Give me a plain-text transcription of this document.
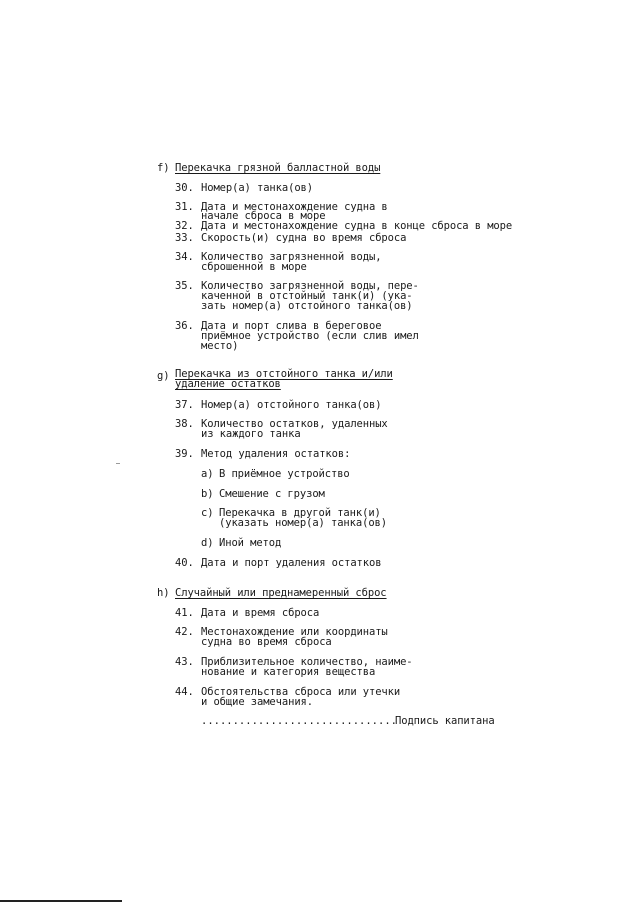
f) Перекачка грязной балластной воды
30. Номер(а) танка(ов)
31. Дата и местонахождение судна в
начале сброса в море
32. Дата и местонахождение судна в конце сброса в море
33. Скорость(и) судна во время сброса
34. Количество загрязненной воды,
сброшенной в море
35. Количество загрязненной воды, пере-
каченной в отстойный танк(и) (ука-
зать номер(а) отстойного танка(ов)
36. Дата и порт слива в береговое
приёмное устройство (если слив имел
место)
g) Перекачка из отстойного танка и/или
удаление остатков
37. Номер(а) отстойного танка(ов)
38. Количество остатков, удаленных
из каждого танка
39. Метод удаления остатков:
a) В приёмное устройство
b) Смешение с грузом
c) Перекачка в другой танк(и)
(указать номер(а) танка(ов)
d) Иной метод
40. Дата и порт удаления остатков
h) Случайный или преднамеренный сброс
41. Дата и время сброса
42. Местонахождение или координаты
судна во время сброса
43. Приблизительное количество, наиме-
нование и категория вещества
44. Обстоятельства сброса или утечки
и общие замечания.
...............................
Подпись капитана
